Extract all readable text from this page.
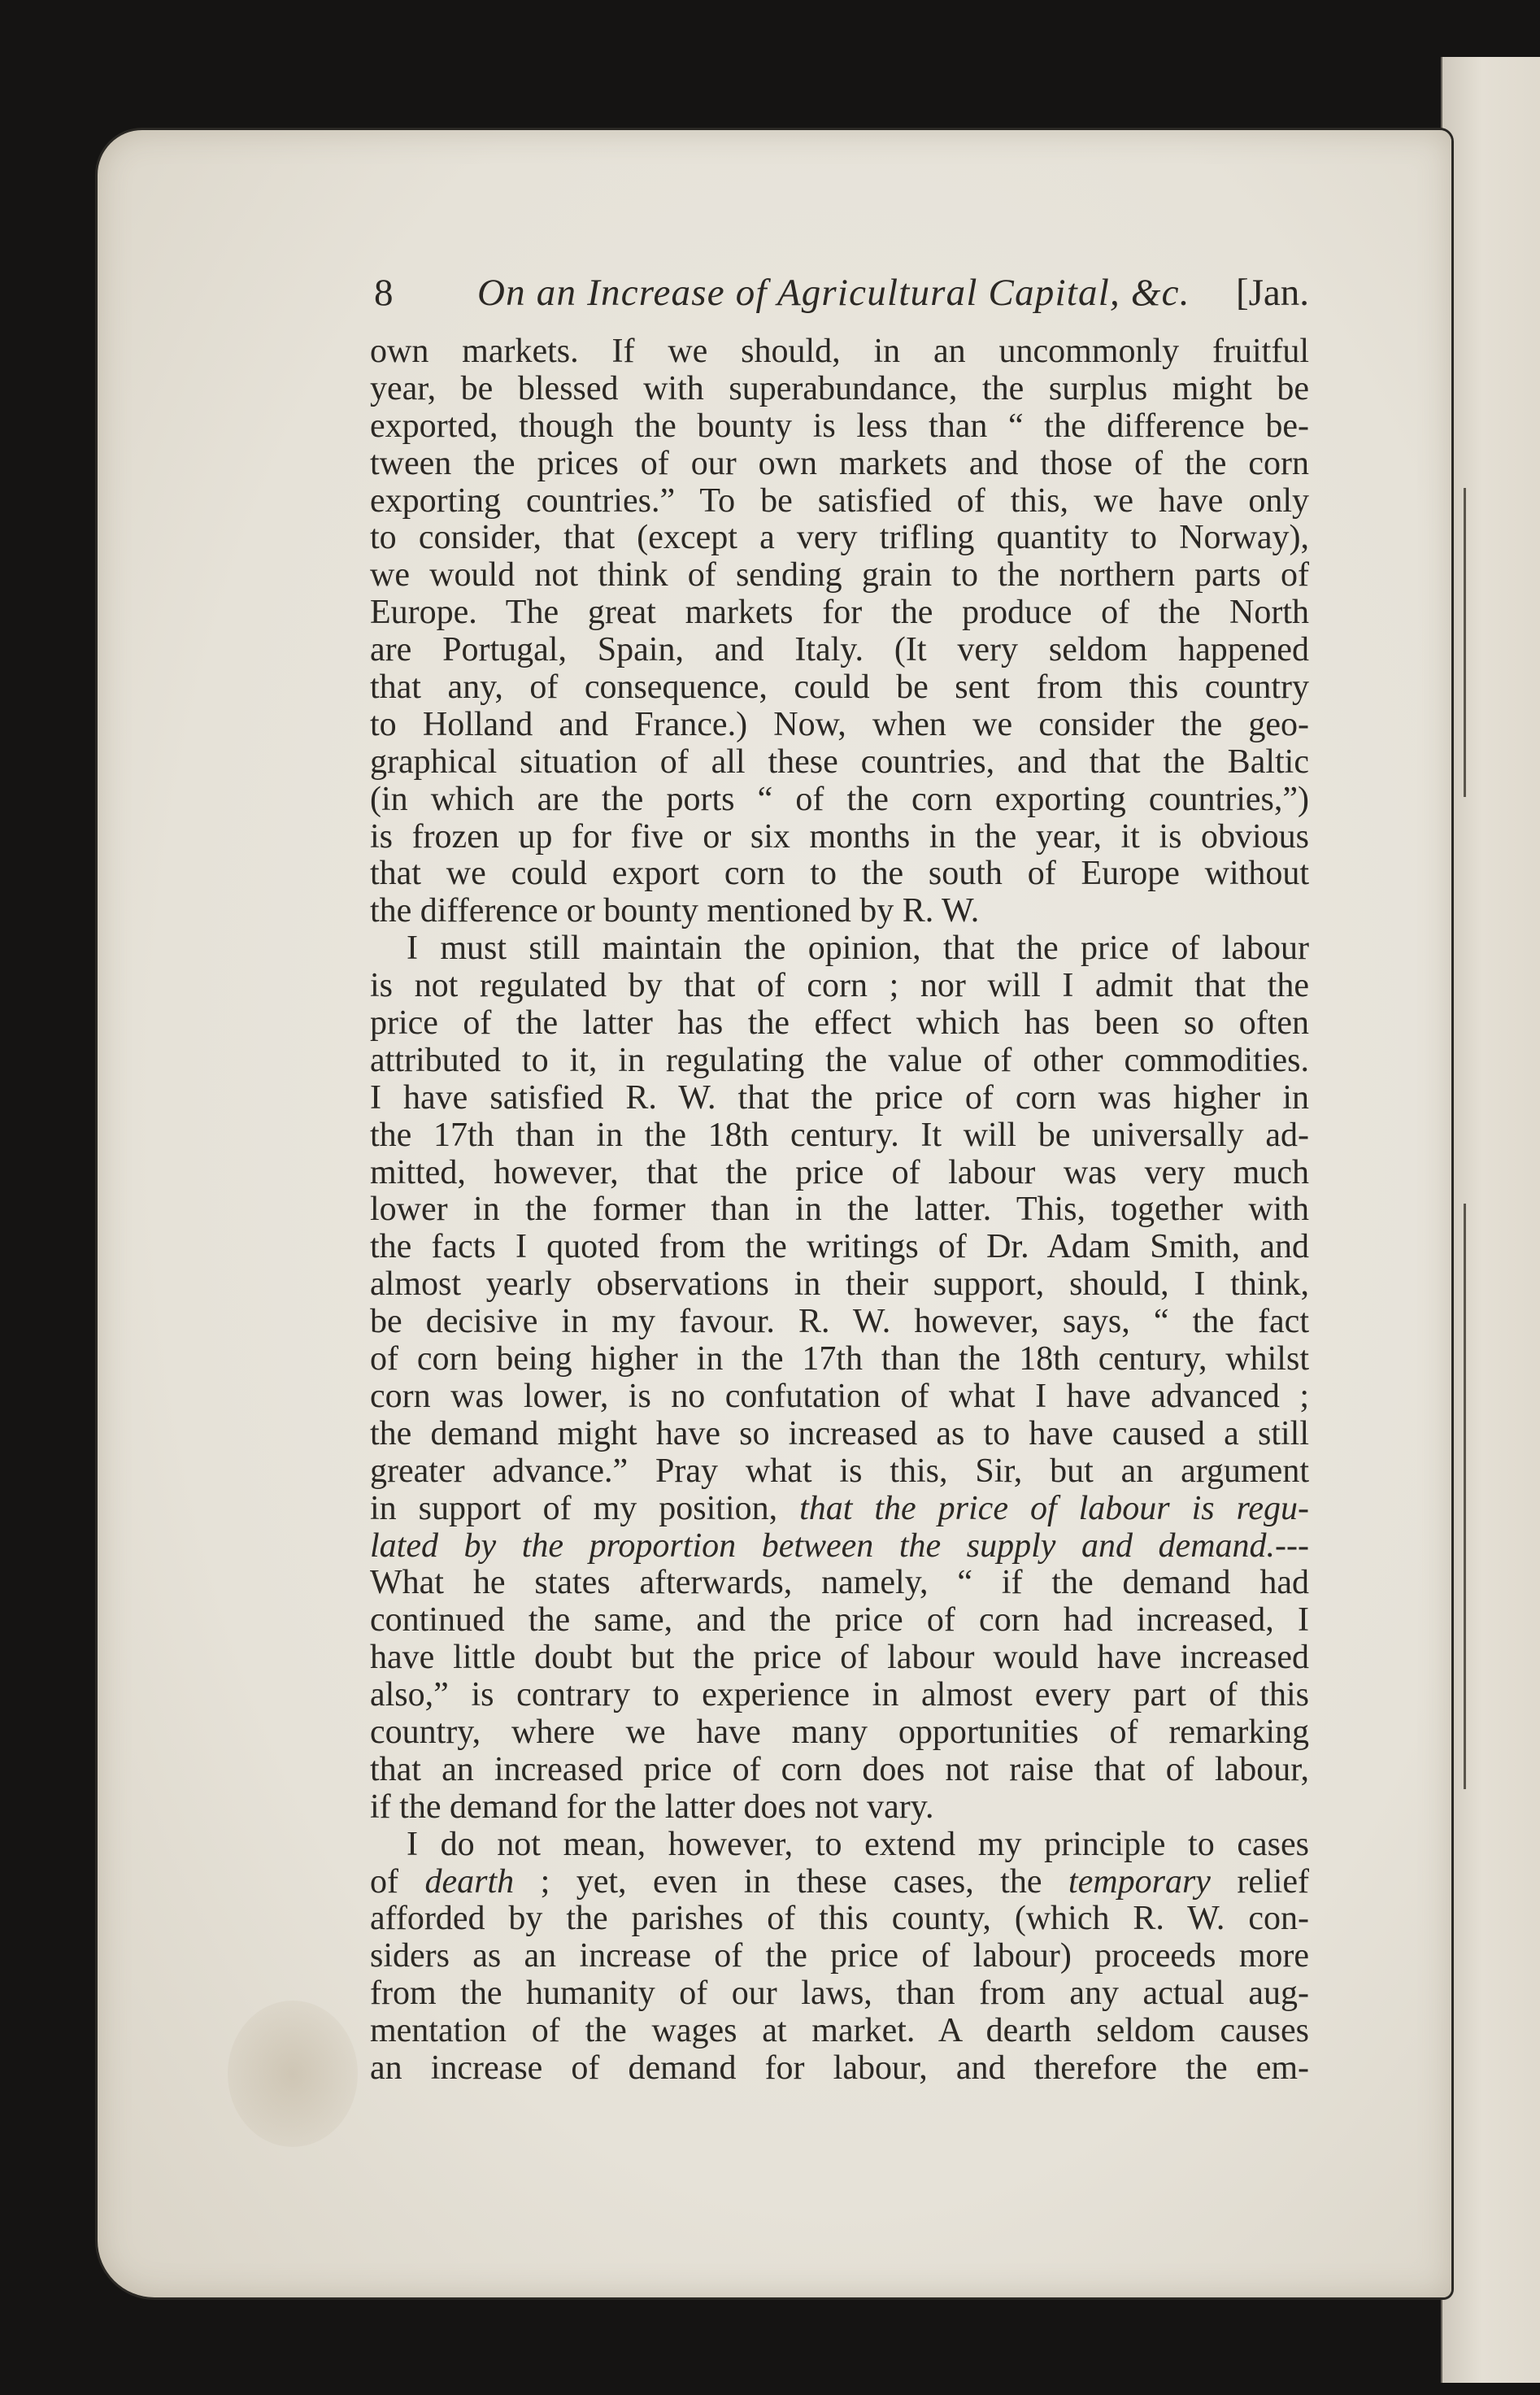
8 On an Increase of Agricultural Capital, &c. [Jan.
own markets. If we should, in an uncommonly fruitful
year, be blessed with superabundance, the surplus might be
exported, though the bounty is less than “ the difference be-
tween the prices of our own markets and those of the corn
exporting countries.” To be satisfied of this, we have only
to consider, that (except a very trifling quantity to Norway),
we would not think of sending grain to the northern parts of
Europe. The great markets for the produce of the North
are Portugal, Spain, and Italy. (It very seldom happened
that any, of consequence, could be sent from this country
to Holland and France.) Now, when we consider the geo-
graphical situation of all these countries, and that the Baltic
(in which are the ports “ of the corn exporting countries,”)
is frozen up for five or six months in the year, it is obvious
that we could export corn to the south of Europe without
the difference or bounty mentioned by R. W.
I must still maintain the opinion, that the price of labour
is not regulated by that of corn ; nor will I admit that the
price of the latter has the effect which has been so often
attributed to it, in regulating the value of other commodities.
I have satisfied R. W. that the price of corn was higher in
the 17th than in the 18th century. It will be universally ad-
mitted, however, that the price of labour was very much
lower in the former than in the latter. This, together with
the facts I quoted from the writings of Dr. Adam Smith, and
almost yearly observations in their support, should, I think,
be decisive in my favour. R. W. however, says, “ the fact
of corn being higher in the 17th than the 18th century, whilst
corn was lower, is no confutation of what I have advanced ;
the demand might have so increased as to have caused a still
greater advance.” Pray what is this, Sir, but an argument
in support of my position, that the price of labour is regu-
lated by the proportion between the supply and demand.---
What he states afterwards, namely, “ if the demand had
continued the same, and the price of corn had increased, I
have little doubt but the price of labour would have increased
also,” is contrary to experience in almost every part of this
country, where we have many opportunities of remarking
that an increased price of corn does not raise that of labour,
if the demand for the latter does not vary.
I do not mean, however, to extend my principle to cases
of dearth ; yet, even in these cases, the temporary relief
afforded by the parishes of this county, (which R. W. con-
siders as an increase of the price of labour) proceeds more
from the humanity of our laws, than from any actual aug-
mentation of the wages at market. A dearth seldom causes
an increase of demand for labour, and therefore the em-
